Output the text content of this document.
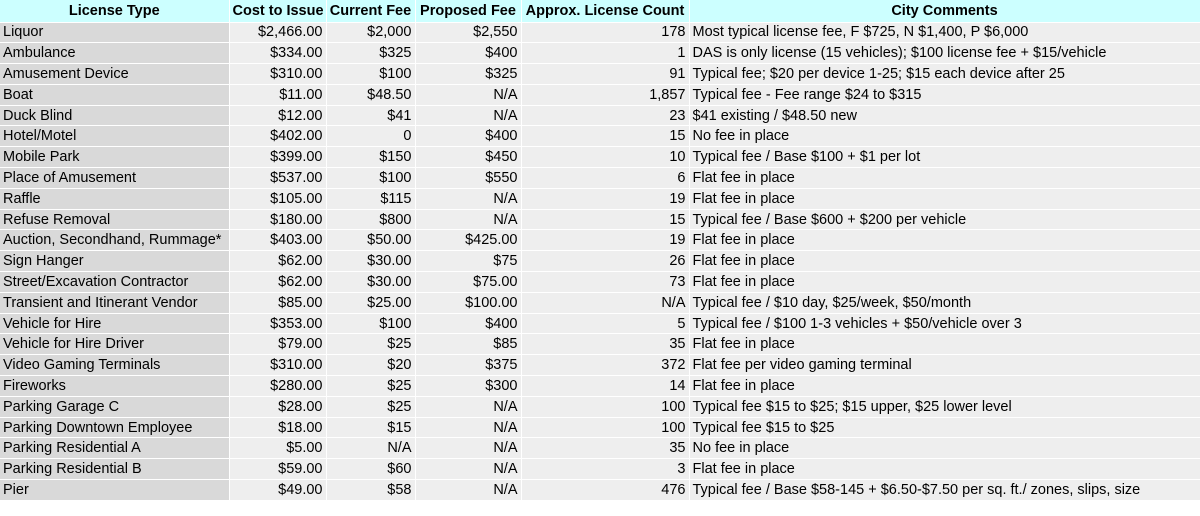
License Type	Cost to Issue	Current Fee	Proposed Fee	Approx. License Count	City Comments
Liquor	$2,466.00	$2,000	$2,550	178	Most typical license fee, F $725, N $1,400, P $6,000
Ambulance	$334.00	$325	$400	1	DAS is only license (15 vehicles); $100 license fee + $15/vehicle
Amusement Device	$310.00	$100	$325	91	Typical fee; $20 per device 1-25; $15 each device after 25
Boat	$11.00	$48.50	N/A	1,857	Typical fee - Fee range $24 to $315
Duck Blind	$12.00	$41	N/A	23	$41 existing / $48.50 new
Hotel/Motel	$402.00	0	$400	15	No fee in place
Mobile Park	$399.00	$150	$450	10	Typical fee / Base $100 + $1 per lot
Place of Amusement	$537.00	$100	$550	6	Flat fee in place
Raffle	$105.00	$115	N/A	19	Flat fee in place
Refuse Removal	$180.00	$800	N/A	15	Typical fee / Base $600 + $200 per vehicle
Auction, Secondhand, Rummage*	$403.00	$50.00	$425.00	19	Flat fee in place
Sign Hanger	$62.00	$30.00	$75	26	Flat fee in place
Street/Excavation Contractor	$62.00	$30.00	$75.00	73	Flat fee in place
Transient and Itinerant Vendor	$85.00	$25.00	$100.00	N/A	Typical fee / $10 day, $25/week, $50/month
Vehicle for Hire	$353.00	$100	$400	5	Typical fee / $100 1-3 vehicles + $50/vehicle over 3
Vehicle for Hire Driver	$79.00	$25	$85	35	Flat fee in place
Video Gaming Terminals	$310.00	$20	$375	372	Flat fee per video gaming terminal
Fireworks	$280.00	$25	$300	14	Flat fee in place
Parking Garage C	$28.00	$25	N/A	100	Typical fee $15 to $25; $15 upper, $25 lower level
Parking Downtown Employee	$18.00	$15	N/A	100	Typical fee $15 to $25
Parking Residential A	$5.00	N/A	N/A	35	No fee in place
Parking Residential B	$59.00	$60	N/A	3	Flat fee in place
Pier	$49.00	$58	N/A	476	Typical fee / Base $58-145 + $6.50-$7.50 per sq. ft./ zones, slips, size
